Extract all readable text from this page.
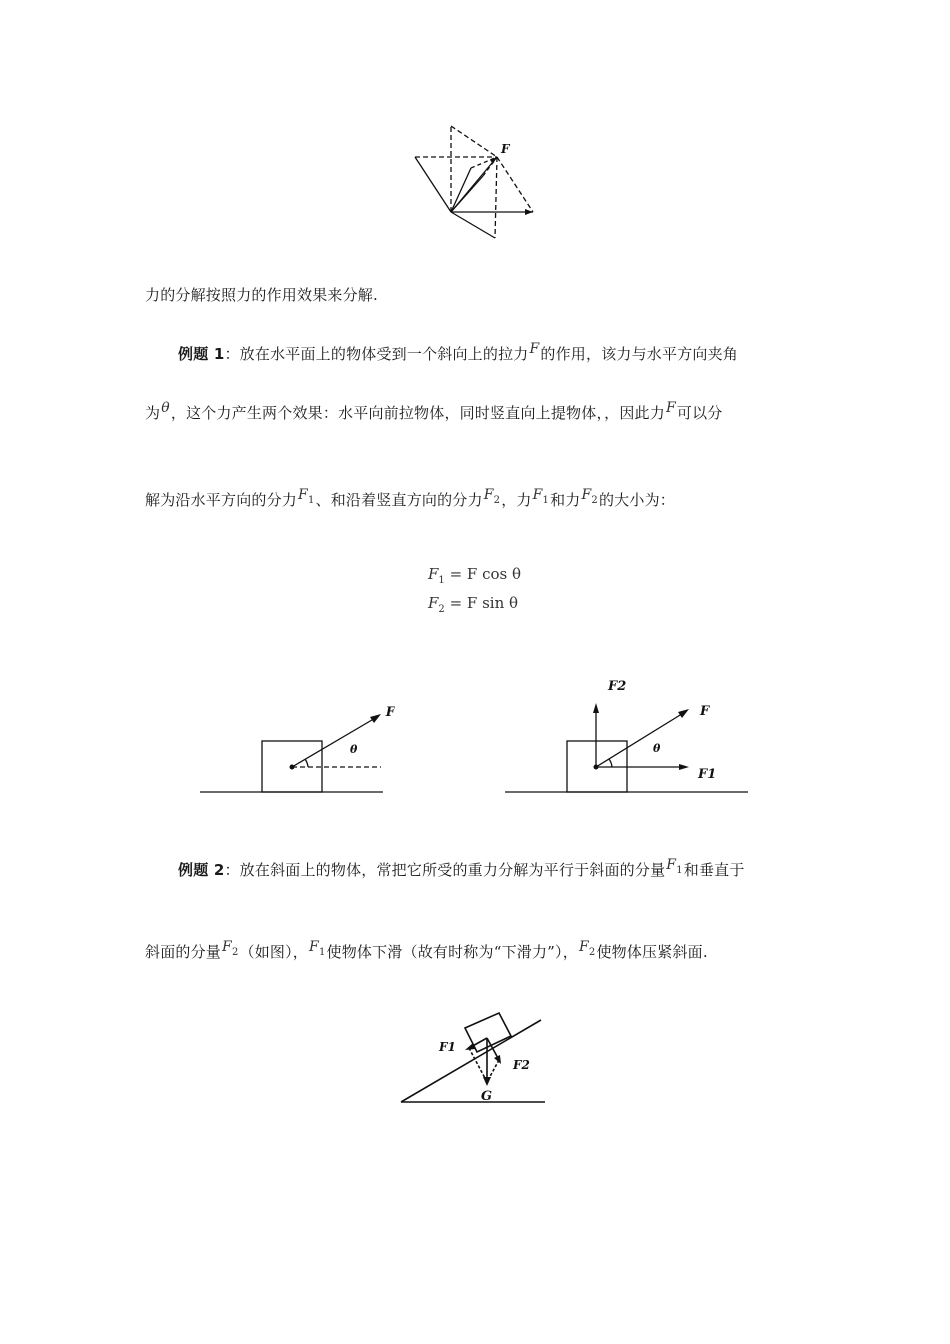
F
力的分解按照力的作用效果来分解.
例题 1：放在水平面上的物体受到一个斜向上的拉力F的作用，该力与水平方向夹角
为θ，这个力产生两个效果：水平向前拉物体，同时竖直向上提物体，，因此力F可以分
解为沿水平方向的分力$F_1$、和沿着竖直方向的分力$F_2$，力$F_1$和力$F_2$的大小为：
$F_1 = F$ cos θ
$F_2 = F$ sin θ
F
θ
F2
F
θ
F1
例题 2：放在斜面上的物体，常把它所受的重力分解为平行于斜面的分量$F_1$和垂直于
斜面的分量$F_2$（如图），$F_1$使物体下滑（故有时称为“下滑力”），$F_2$使物体压紧斜面.
F1
F2
G
